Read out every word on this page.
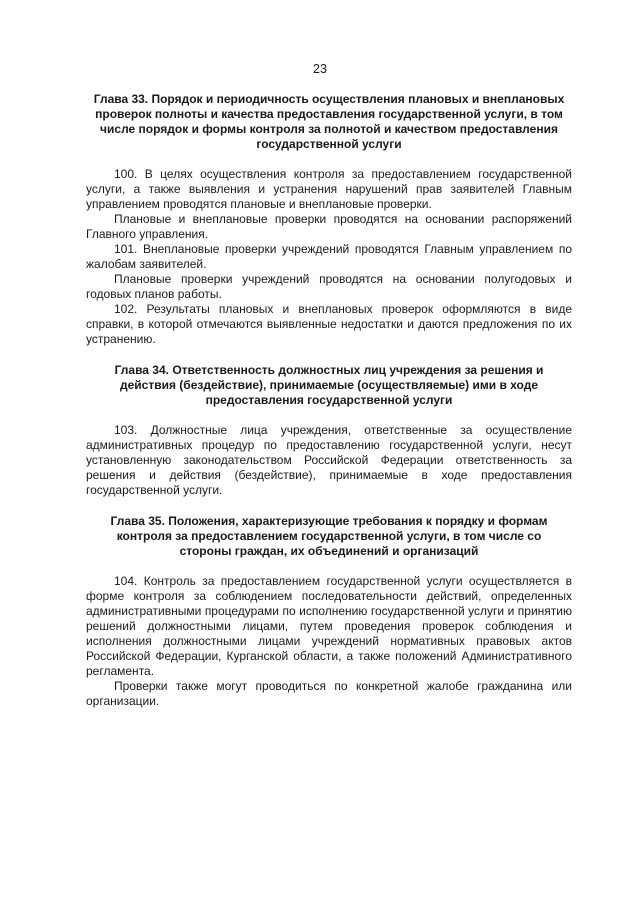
23
Глава 33. Порядок и периодичность осуществления плановых и внеплановых проверок полноты и качества предоставления государственной услуги, в том числе порядок и формы контроля за полнотой и качеством предоставления государственной услуги

100. В целях осуществления контроля за предоставлением государственной услуги, а также выявления и устранения нарушений прав заявителей Главным управлением проводятся плановые и внеплановые проверки.

Плановые и внеплановые проверки проводятся на основании распоряжений Главного управления.

101. Внеплановые проверки учреждений проводятся Главным управлением по жалобам заявителей.

Плановые проверки учреждений проводятся на основании полугодовых и годовых планов работы.

102. Результаты плановых и внеплановых проверок оформляются в виде справки, в которой отмечаются выявленные недостатки и даются предложения по их устранению.

Глава 34. Ответственность должностных лиц учреждения за решения и действия (бездействие), принимаемые (осуществляемые) ими в ходе предоставления государственной услуги

103. Должностные лица учреждения, ответственные за осуществление административных процедур по предоставлению государственной услуги, несут установленную законодательством Российской Федерации ответственность за решения и действия (бездействие), принимаемые в ходе предоставления государственной услуги.

Глава 35. Положения, характеризующие требования к порядку и формам контроля за предоставлением государственной услуги, в том числе со стороны граждан, их объединений и организаций

104. Контроль за предоставлением государственной услуги осуществляется в форме контроля за соблюдением последовательности действий, определенных административными процедурами по исполнению государственной услуги и принятию решений должностными лицами, путем проведения проверок соблюдения и исполнения должностными лицами учреждений нормативных правовых актов Российской Федерации, Курганской области, а также положений Административного регламента.

Проверки также могут проводиться по конкретной жалобе гражданина или организации.
